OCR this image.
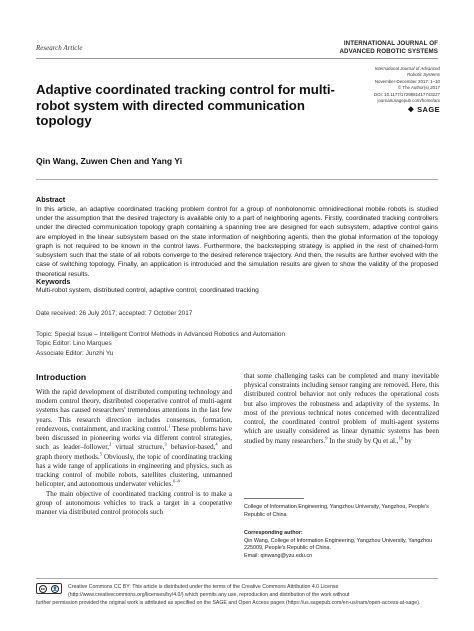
Research Article
INTERNATIONAL JOURNAL OF
ADVANCED ROBOTIC SYSTEMS
International Journal of Advanced Robotic Systems
November-December 2017: 1–10
© The Author(s) 2017
DOI: 10.1177/1729881417743227
journals.sagepub.com/home/arx
❖ SAGE
Adaptive coordinated tracking control for multi-robot system with directed communication topology
Qin Wang, Zuwen Chen and Yang Yi
Abstract
In this article, an adaptive coordinated tracking problem control for a group of nonholonomic omnidirectional mobile robots is studied under the assumption that the desired trajectory is available only to a part of neighboring agents. Firstly, coordinated tracking controllers under the directed communication topology graph containing a spanning tree are designed for each subsystem, adaptive control gains are employed in the linear subsystem based on the state information of neighboring agents, then the global information of the topology graph is not required to be known in the control laws. Furthermore, the backstepping strategy is applied in the rest of chained-form subsystem such that the state of all robots converge to the desired reference trajectory. And then, the results are further evolved with the case of switching topology. Finally, an application is introduced and the simulation results are given to show the validity of the proposed theoretical results.
Keywords
Multi-robot system, distributed control, adaptive control, coordinated tracking
Date received: 26 July 2017; accepted: 7 October 2017
Topic: Special Issue – Intelligent Control Methods in Advanced Robotics and Automation
Topic Editor: Lino Marques
Associate Editor: Junzhi Yu
Introduction

With the rapid development of distributed computing technology and modern control theory, distributed cooperative control of multi-agent systems has caused researchers' tremendous attentions in the last few years. This research direction includes consensus, formation, rendezvous, containment, and tracking control.$^1$ These problems have been discussed in pioneering works via different control strategies, such as leader–follower,$^2$ virtual structure,$^3$ behavior-based,$^4$ and graph theory methods.$^5$ Obviously, the topic of coordinating tracking has a wide range of applications in engineering and physics, such as tracking control of mobile robots, satellites clustering, unmanned helicopter, and autonomous underwater vehicles.$^{6-8}$

The main objective of coordinated tracking control is to make a group of autonomous vehicles to track a target in a cooperative manner via distributed control protocols such

that some challenging tasks can be completed and many inevitable physical constraints including sensor ranging are removed. Here, this distributed control behavior not only reduces the operational costs but also improves the robustness and adaptivity of the systems. In most of the previous technical notes concerned with decentralized control, the coordinated control problem of multi-agent systems which are usually considered as linear dynamic systems has been studied by many researchers.$^9$ In the study by Qu et al.,$^{10}$ by

College of Information Engineering, Yangzhou University, Yangzhou, People's Republic of China
Corresponding author:
Qin Wang, College of Information Engineering, Yangzhou University, Yangzhou 225009, People's Republic of China.
Email: qinwang@yzu.edu.cn
cc	👤 Creative Commons CC BY: This article is distributed under the terms of the Creative Commons Attribution 4.0 License (http://www.creativecommons.org/licenses/by/4.0/) which permits any use, reproduction and distribution of the work without
further permission provided the original work is attributed as specified on the SAGE and Open Access pages (https://us.sagepub.com/en-us/nam/open-access-at-sage).
